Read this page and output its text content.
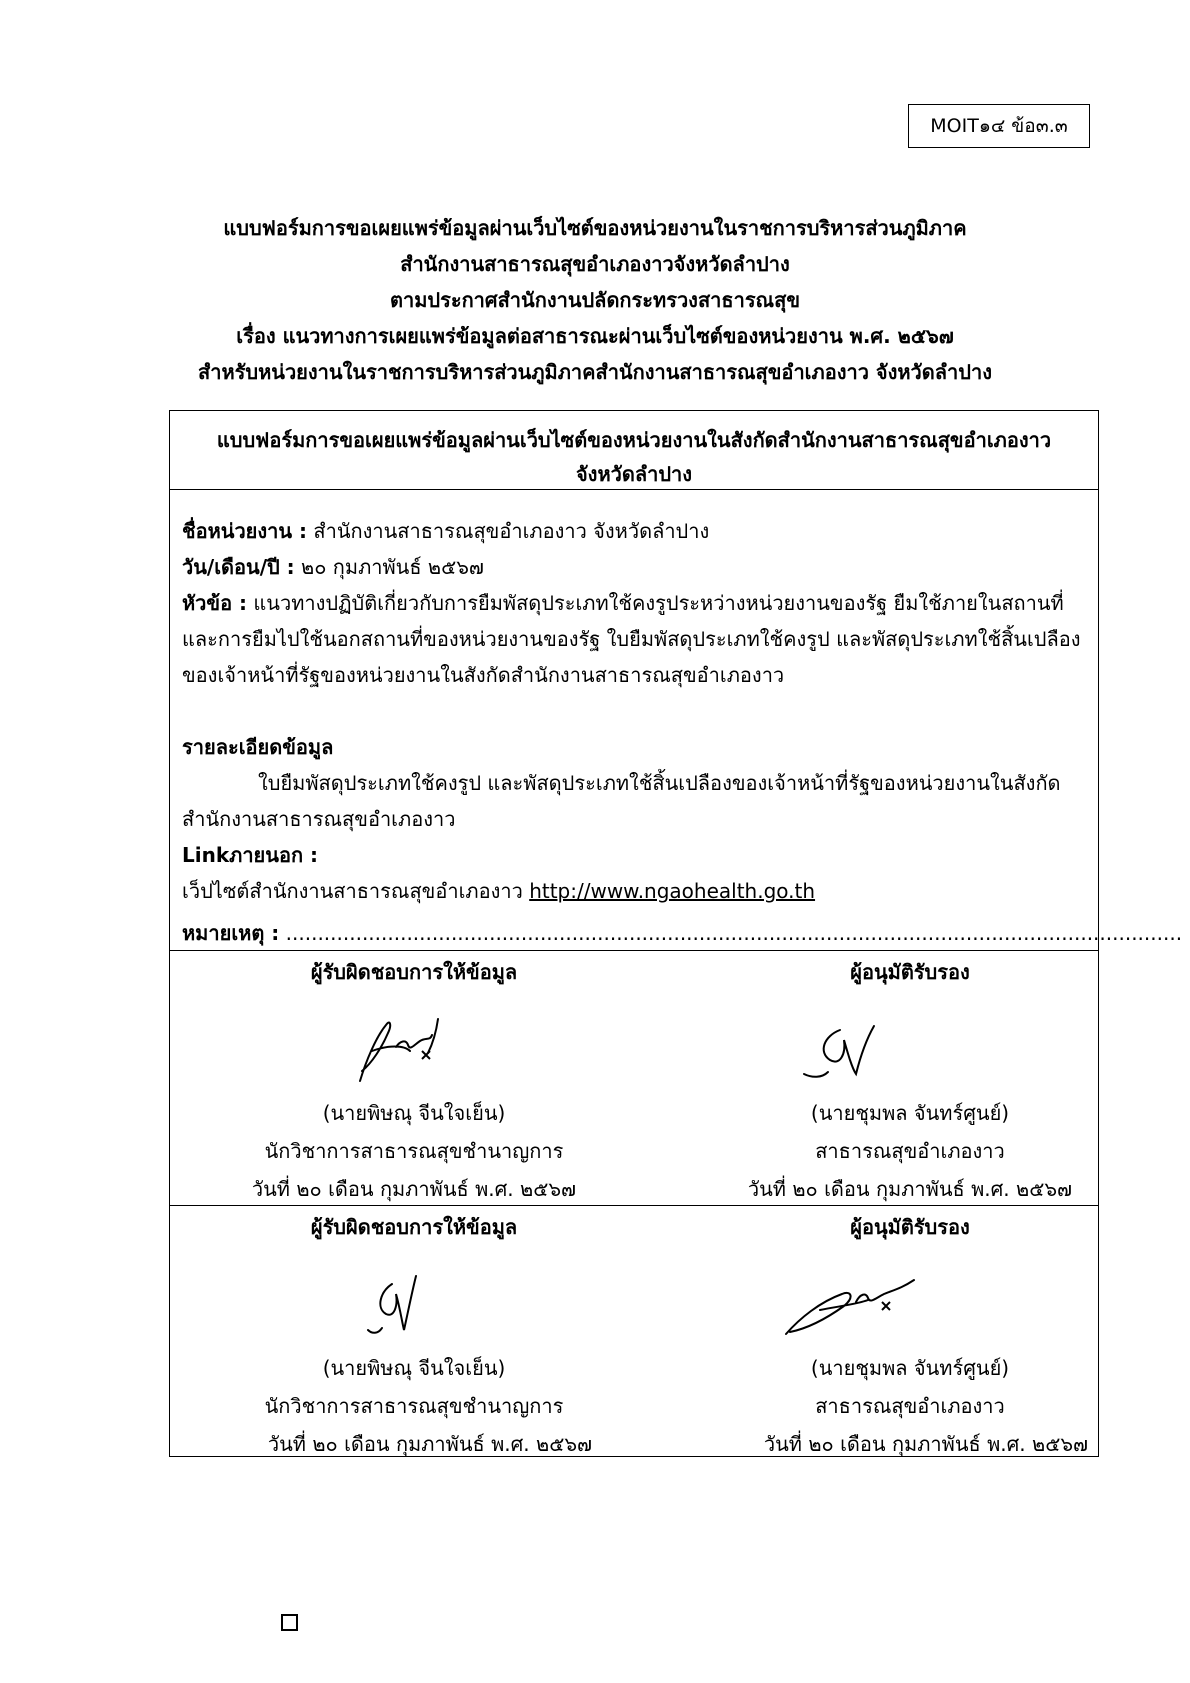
MOIT๑๔ ข้อ๓.๓
แบบฟอร์มการขอเผยแพร่ข้อมูลผ่านเว็บไซต์ของหน่วยงานในราชการบริหารส่วนภูมิภาค
สำนักงานสาธารณสุขอำเภองาวจังหวัดลำปาง
ตามประกาศสำนักงานปลัดกระทรวงสาธารณสุข
เรื่อง แนวทางการเผยแพร่ข้อมูลต่อสาธารณะผ่านเว็บไซต์ของหน่วยงาน พ.ศ. ๒๕๖๗
สำหรับหน่วยงานในราชการบริหารส่วนภูมิภาคสำนักงานสาธารณสุขอำเภองาว จังหวัดลำปาง
แบบฟอร์มการขอเผยแพร่ข้อมูลผ่านเว็บไซต์ของหน่วยงานในสังกัดสำนักงานสาธารณสุขอำเภองาว
จังหวัดลำปาง
ชื่อหน่วยงาน : สำนักงานสาธารณสุขอำเภองาว จังหวัดลำปาง
วัน/เดือน/ปี : ๒๐ กุมภาพันธ์ ๒๕๖๗
หัวข้อ : แนวทางปฏิบัติเกี่ยวกับการยืมพัสดุประเภทใช้คงรูประหว่างหน่วยงานของรัฐ ยืมใช้ภายในสถานที่
และการยืมไปใช้นอกสถานที่ของหน่วยงานของรัฐ ใบยืมพัสดุประเภทใช้คงรูป และพัสดุประเภทใช้สิ้นเปลือง
ของเจ้าหน้าที่รัฐของหน่วยงานในสังกัดสำนักงานสาธารณสุขอำเภองาว
รายละเอียดข้อมูล
ใบยืมพัสดุประเภทใช้คงรูป และพัสดุประเภทใช้สิ้นเปลืองของเจ้าหน้าที่รัฐของหน่วยงานในสังกัด
สำนักงานสาธารณสุขอำเภองาว
Linkภายนอก :
เว็ปไซต์สำนักงานสาธารณสุขอำเภองาว http://www.ngaohealth.go.th
หมายเหตุ : .............................................................................................................................................
ผู้รับผิดชอบการให้ข้อมูล	ผู้อนุมัติรับรอง
(นายพิษณุ จีนใจเย็น)	(นายชุมพล จันทร์ศูนย์)
นักวิชาการสาธารณสุขชำนาญการ	สาธารณสุขอำเภองาว
วันที่ ๒๐ เดือน กุมภาพันธ์ พ.ศ. ๒๕๖๗	วันที่ ๒๐ เดือน กุมภาพันธ์ พ.ศ. ๒๕๖๗
ผู้รับผิดชอบการให้ข้อมูล	ผู้อนุมัติรับรอง
(นายพิษณุ จีนใจเย็น)	(นายชุมพล จันทร์ศูนย์)
นักวิชาการสาธารณสุขชำนาญการ	สาธารณสุขอำเภองาว
วันที่ ๒๐ เดือน กุมภาพันธ์ พ.ศ. ๒๕๖๗	วันที่ ๒๐ เดือน กุมภาพันธ์ พ.ศ. ๒๕๖๗
